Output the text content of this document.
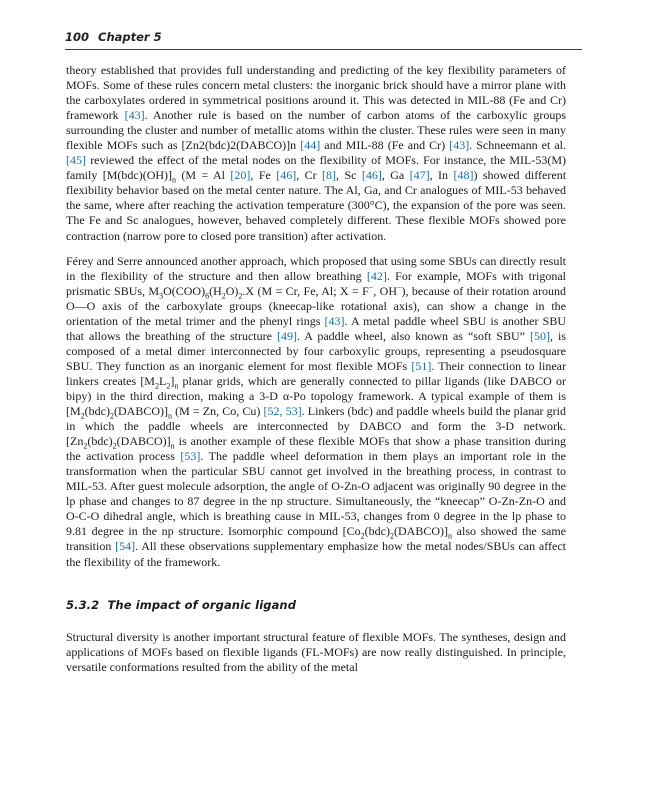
100 Chapter 5

theory established that provides full understanding and predicting of the key flexibility parameters of MOFs. Some of these rules concern metal clusters: the inorganic brick should have a mirror plane with the carboxylates ordered in symmetrical positions around it. This was detected in MIL-88 (Fe and Cr) framework [43]. Another rule is based on the number of carbon atoms of the carboxylic groups surrounding the cluster and number of metallic atoms within the cluster. These rules were seen in many flexible MOFs such as [Zn2(bdc)2(DABCO)]n [44] and MIL-88 (Fe and Cr) [43]. Schneemann et al. [45] reviewed the effect of the metal nodes on the flexibility of MOFs. For instance, the MIL-53(M) family $[M(bdc)(OH)]_n$ (M = Al [20], Fe [46], Cr [8], Sc [46], Ga [47], In [48]) showed different flexibility behavior based on the metal center nature. The Al, Ga, and Cr analogues of MIL-53 behaved the same, where after reaching the activation temperature (300°C), the expansion of the pore was seen. The Fe and Sc analogues, however, behaved completely different. These flexible MOFs showed pore contraction (narrow pore to closed pore transition) after activation.

Férey and Serre announced another approach, which proposed that using some SBUs can directly result in the flexibility of the structure and then allow breathing [42]. For example, MOFs with trigonal prismatic SBUs, $M_3O(COO)_6(H_2O)_2.X$ (M = Cr, Fe, Al; X = F−, OH−), because of their rotation around O—O axis of the carboxylate groups (kneecap-like rotational axis), can show a change in the orientation of the metal trimer and the phenyl rings [43]. A metal paddle wheel SBU is another SBU that allows the breathing of the structure [49]. A paddle wheel, also known as “soft SBU” [50], is composed of a metal dimer interconnected by four carboxylic groups, representing a pseudosquare SBU. They function as an inorganic element for most flexible MOFs [51]. Their connection to linear linkers creates $[M_2L_2]_n$ planar grids, which are generally connected to pillar ligands (like DABCO or bipy) in the third direction, making a 3-D α-Po topology framework. A typical example of them is $[M_2(bdc)_2(DABCO)]_n$ (M = Zn, Co, Cu) [52, 53]. Linkers (bdc) and paddle wheels build the planar grid in which the paddle wheels are interconnected by DABCO and form the 3-D network. $[Zn_2(bdc)_2(DABCO)]_n$ is another example of these flexible MOFs that show a phase transition during the activation process [53]. The paddle wheel deformation in them plays an important role in the transformation when the particular SBU cannot get involved in the breathing process, in contrast to MIL-53. After guest molecule adsorption, the angle of O-Zn-O adjacent was originally 90 degree in the lp phase and changes to 87 degree in the np structure. Simultaneously, the “kneecap” O-Zn-Zn-O and O-C-O dihedral angle, which is breathing cause in MIL-53, changes from 0 degree in the lp phase to 9.81 degree in the np structure. Isomorphic compound $[Co_2(bdc)_2(DABCO)]_n$ also showed the same transition [54]. All these observations supplementary emphasize how the metal nodes/SBUs can affect the flexibility of the framework.

5.3.2 The impact of organic ligand

Structural diversity is another important structural feature of flexible MOFs. The syntheses, design and applications of MOFs based on flexible ligands (FL-MOFs) are now really distinguished. In principle, versatile conformations resulted from the ability of the metal
